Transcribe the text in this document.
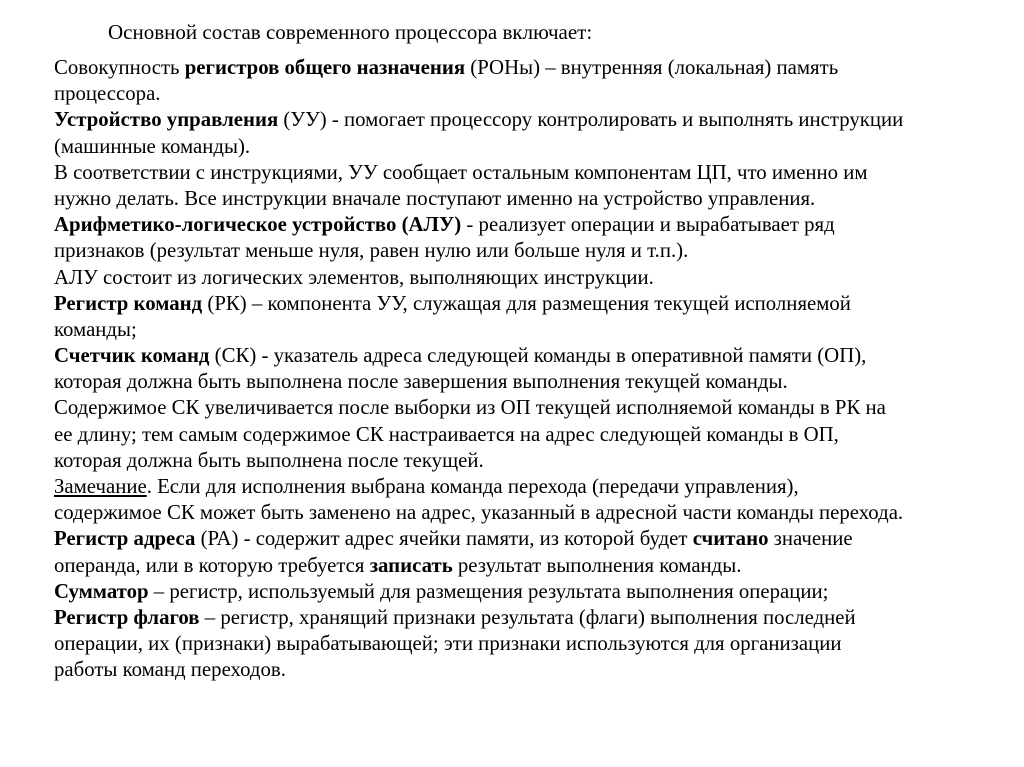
Основной состав современного процессора включает:
Совокупность регистров общего назначения (РОНы) – внутренняя (локальная) память
процессора.
Устройство управления (УУ) - помогает процессору контролировать и выполнять инструкции
(машинные команды).
В соответствии с инструкциями, УУ сообщает остальным компонентам ЦП, что именно им
нужно делать. Все инструкции вначале поступают именно на устройство управления.
Арифметико-логическое устройство (АЛУ) - реализует операции и вырабатывает ряд
признаков (результат меньше нуля, равен нулю или больше нуля и т.п.).
АЛУ состоит из логических элементов, выполняющих инструкции.
Регистр команд (РК) – компонента УУ, служащая для размещения текущей исполняемой
команды;
Счетчик команд (СК) - указатель адреса следующей команды в оперативной памяти (ОП),
которая должна быть выполнена после завершения выполнения текущей команды.
Содержимое СК увеличивается после выборки из ОП текущей исполняемой команды в РК на
ее длину; тем самым содержимое СК настраивается на адрес следующей команды в ОП,
которая должна быть выполнена после текущей.
Замечание. Если для исполнения выбрана команда перехода (передачи управления),
содержимое СК может быть заменено на адрес, указанный в адресной части команды перехода.
Регистр адреса (РА) - содержит адрес ячейки памяти, из которой будет считано значение
операнда, или в которую требуется записать результат выполнения команды.
Сумматор – регистр, используемый для размещения результата выполнения операции;
Регистр флагов – регистр, хранящий признаки результата (флаги) выполнения последней
операции, их (признаки) вырабатывающей; эти признаки используются для организации
работы команд переходов.
